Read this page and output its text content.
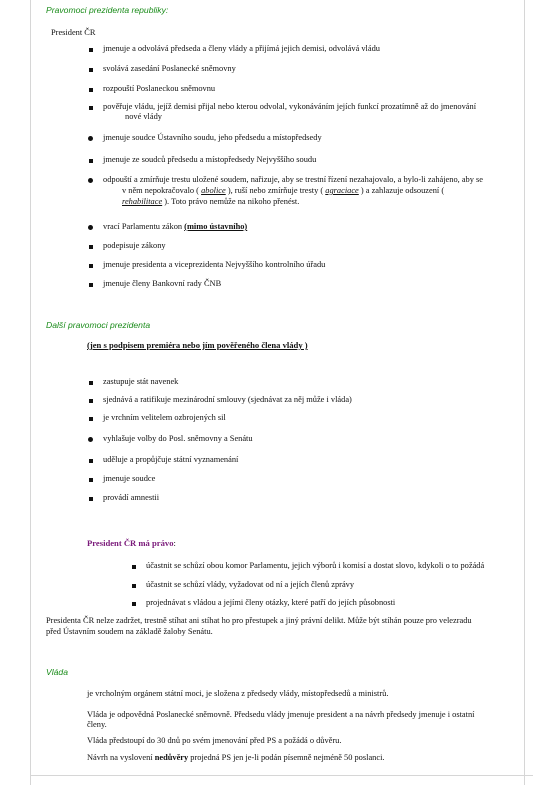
Pravomoci prezidenta republiky:
President ČR
jmenuje a odvolává předseda a členy vlády a přijímá jejich demisi, odvolává vládu
svolává zasedání Poslanecké sněmovny
rozpouští Poslaneckou sněmovnu
pověřuje vládu, jejíž demisi přijal nebo kterou odvolal, vykonáváním jejích funkcí prozatímně až do jmenování
nové vlády
jmenuje soudce Ústavního soudu, jeho předsedu a místopředsedy
jmenuje ze soudců předsedu a místopředsedy Nejvyššího soudu
odpouští a zmírňuje trestu uložené soudem, nařizuje, aby se trestní řízení nezahajovalo, a bylo-li zahájeno, aby se
v něm nepokračovalo ( abolice ), ruší nebo zmírňuje tresty ( agraciace ) a zahlazuje odsouzení (
rehabilitace ). Toto právo nemůže na nikoho přenést.
vrací Parlamentu zákon (mimo ústavního)
podepisuje zákony
jmenuje presidenta a viceprezidenta Nejvyššího kontrolního úřadu
jmenuje členy Bankovní rady ČNB
Další pravomoci prezidenta
(jen s podpisem premiéra nebo jím pověřeného člena vlády )
zastupuje stát navenek
sjednává a ratifikuje mezinárodní smlouvy (sjednávat za něj může i vláda)
je vrchním velitelem ozbrojených sil
vyhlašuje volby do Posl. sněmovny a Senátu
uděluje a propůjčuje státní vyznamenání
jmenuje soudce
provádí amnestii
President ČR má právo:
účastnit se schůzí obou komor Parlamentu, jejich výborů i komisí a dostat slovo, kdykoli o to požádá
účastnit se schůzí vlády, vyžadovat od ní a jejích členů zprávy
projednávat s vládou a jejími členy otázky, které patří do jejích působnosti
Presidenta ČR nelze zadržet, trestně stíhat ani stíhat ho pro přestupek a jiný právní delikt. Může být stíhán pouze pro velezradu
před Ústavním soudem na základě žaloby Senátu.
Vláda
je vrcholným orgánem státní moci, je složena z předsedy vlády, místopředsedů a ministrů.
Vláda je odpovědná Poslanecké sněmovně. Předsedu vlády jmenuje president a na návrh předsedy jmenuje i ostatní
členy.
Vláda předstoupí do 30 dnů po svém jmenování před PS a požádá o důvěru.
Návrh na vyslovení nedůvěry projedná PS jen je-li podán písemně nejméně 50 poslanci.
